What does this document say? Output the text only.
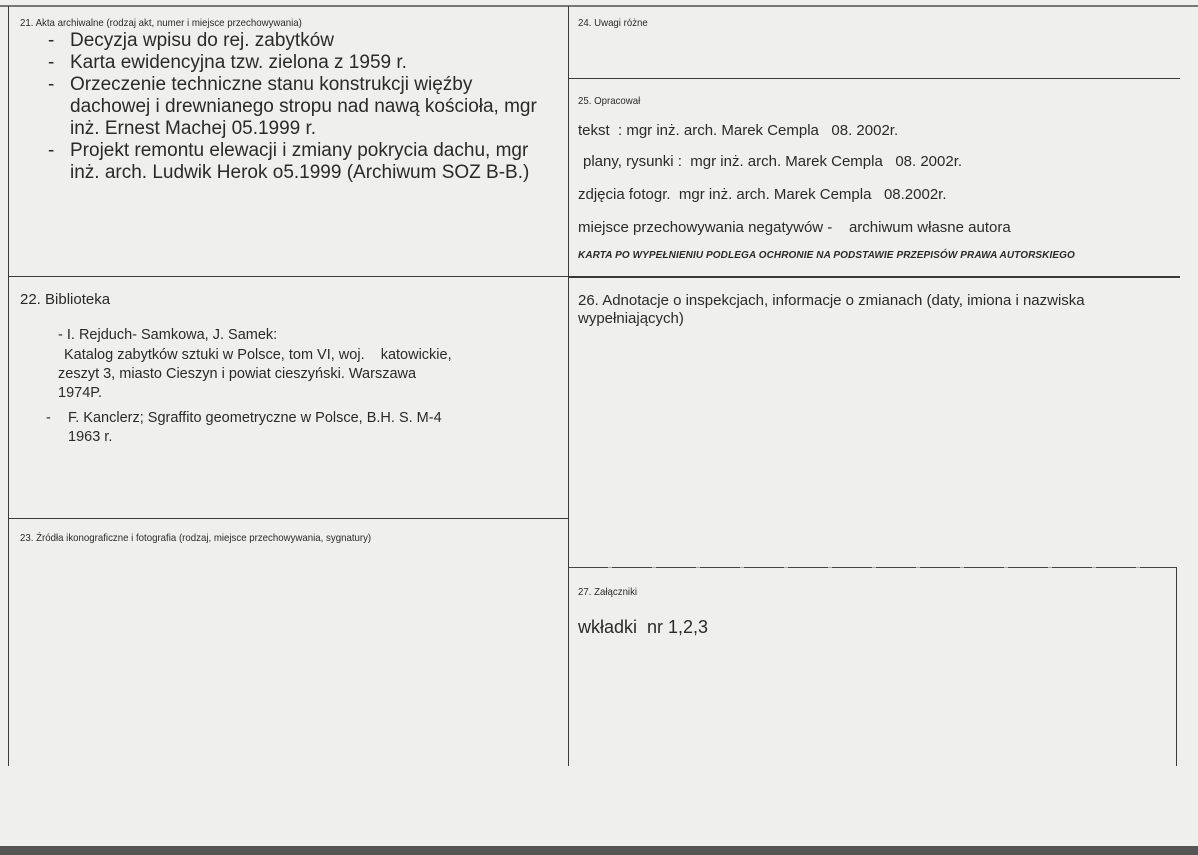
21. Akta archiwalne (rodzaj akt, numer i miejsce przechowywania)
- Decyzja wpisu do rej. zabytków
- Karta ewidencyjna tzw. zielona z 1959 r.
- Orzeczenie techniczne stanu konstrukcji więźby dachowej i drewnianego stropu nad nawą kościoła, mgr inż. Ernest Machej 05.1999 r.
- Projekt remontu elewacji i zmiany pokrycia dachu, mgr inż. arch. Ludwik Herok o5.1999 (Archiwum SOZ B-B.)
22. Biblioteka
- I. Rejduch- Samkowa, J. Samek:
Katalog zabytków sztuki w Polsce, tom VI, woj.    katowickie,
zeszyt 3, miasto Cieszyn i powiat cieszyński. Warszawa
1974P.
- F. Kanclerz; Sgraffito geometryczne w Polsce, B.H. S. M-4
1963 r.
23. Źródła ikonograficzne i fotografia (rodzaj, miejsce przechowywania, sygnatury)
24. Uwagi różne
25. Opracował
tekst  : mgr inż. arch. Marek Cempla   08. 2002r.
plany, rysunki :  mgr inż. arch. Marek Cempla   08. 2002r.
zdjęcia fotogr.  mgr inż. arch. Marek Cempla   08.2002r.
miejsce przechowywania negatywów -    archiwum własne autora
KARTA PO WYPEŁNIENIU PODLEGA OCHRONIE NA PODSTAWIE PRZEPISÓW PRAWA AUTORSKIEGO
26. Adnotacje o inspekcjach, informacje o zmianach (daty, imiona i nazwiska
wypełniających)
27. Załączniki
wkładki  nr 1,2,3
